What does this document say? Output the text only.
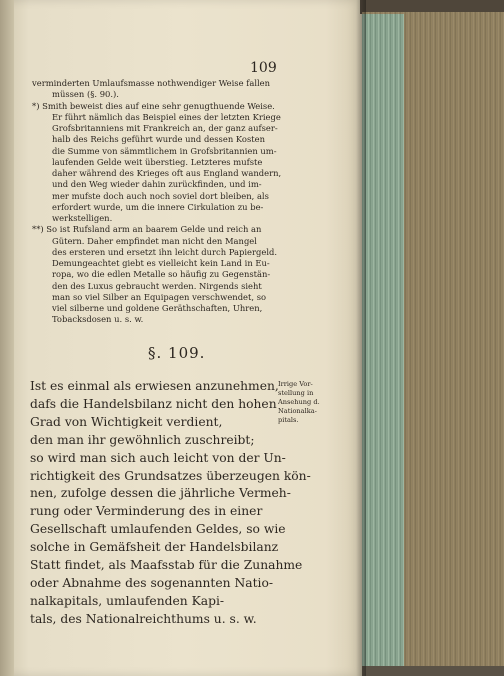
109

verminderten Umlaufsmasse nothwendiger Weise fallen

müssen (§. 90.).

*) Smith beweist dies auf eine sehr genugthuende Weise.

Er führt nämlich das Beispiel eines der letzten Kriege

Grofsbritanniens mit Frankreich an, der ganz aufser-

halb des Reichs geführt wurde und dessen Kosten

die Summe von sämmtlichem in Grofsbritannien um-

laufenden Gelde weit überstieg. Letzteres mufste

daher während des Krieges oft aus England wandern,

und den Weg wieder dahin zurückfinden, und im-

mer mufste doch auch noch soviel dort bleiben, als

erfordert wurde, um die innere Cirkulation zu be-

werkstelligen.

**) So ist Rufsland arm an baarem Gelde und reich an

Gütern. Daher empfindet man nicht den Mangel

des ersteren und ersetzt ihn leicht durch Papiergeld.

Demungeachtet giebt es vielleicht kein Land in Eu-

ropa, wo die edlen Metalle so häufig zu Gegenstän-

den des Luxus gebraucht werden. Nirgends sieht

man so viel Silber an Equipagen verschwendet, so

viel silberne und goldene Geräthschaften, Uhren,

Tobacksdosen u. s. w.

§. 109.

Ist es einmal als erwiesen anzunehmen,

dafs die Handelsbilanz nicht den hohen

Grad von Wichtigkeit verdient,

den man ihr gewöhnlich zuschreibt;

so wird man sich auch leicht von der Un-

richtigkeit des Grundsatzes überzeugen kön-

nen, zufolge dessen die jährliche Vermeh-

rung oder Verminderung des in einer

Gesellschaft umlaufenden Geldes, so wie

solche in Gemäfsheit der Handelsbilanz

Statt findet, als Maafsstab für die Zunahme

oder Abnahme des sogenannten Natio-

nalkapitals, umlaufenden Kapi-

tals, des Nationalreichthums u. s. w.

Irrige Vor-

stellung in

Ansehung d.

Nationalka-

pitals.
